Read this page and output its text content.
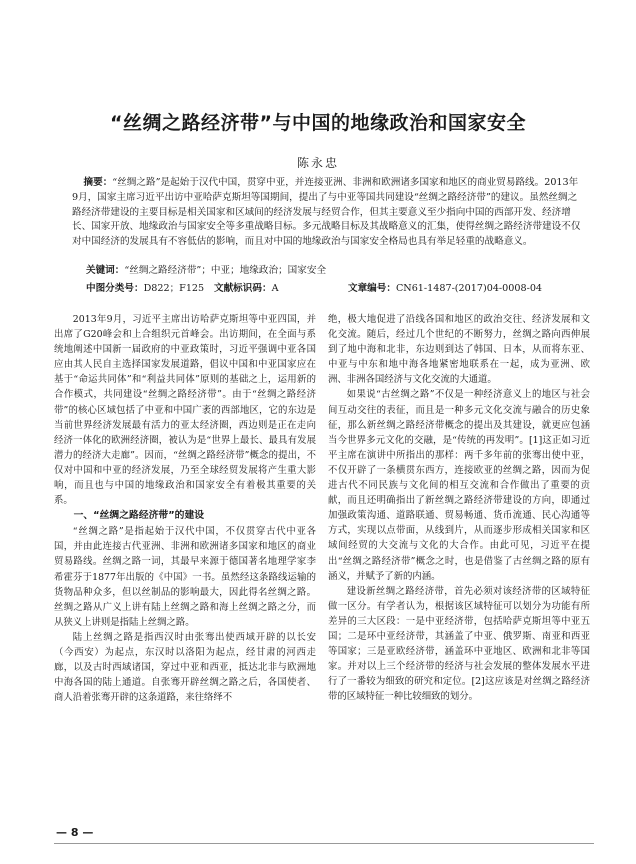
“丝绸之路经济带”与中国的地缘政治和国家安全
陈永忠

摘要：“丝绸之路”是起始于汉代中国，贯穿中亚，并连接亚洲、非洲和欧洲诸多国家和地区的商业贸易路线。2013年9月，国家主席习近平出访中亚哈萨克斯坦等国期间，提出了与中亚等国共同建设“丝绸之路经济带”的建议。虽然丝绸之路经济带建设的主要目标是相关国家和区域间的经济发展与经贸合作，但其主要意义至少指向中国的西部开发、经济增长、国家开放、地缘政治与国家安全等多重战略目标。多元战略目标及其战略意义的汇集，使得丝绸之路经济带建设不仅对中国经济的发展具有不容低估的影响，而且对中国的地缘政治与国家安全格局也具有举足轻重的战略意义。

关键词：“丝绸之路经济带”；中亚；地缘政治；国家安全
中图分类号：D822；F125 文献标识码：A	文章编号：CN61-1487-(2017)04-0008-04

2013年9月，习近平主席出访哈萨克斯坦等中亚四国，并出席了G20峰会和上合组织元首峰会。出访期间，在全面与系统地阐述中国新一届政府的中亚政策时，习近平强调中亚各国应由其人民自主选择国家发展道路，倡议中国和中亚国家应在基于“命运共同体”和“利益共同体”原则的基础之上，运用新的合作模式，共同建设“丝绸之路经济带”。由于“丝绸之路经济带”的核心区域包括了中亚和中国广袤的西部地区，它的东边是当前世界经济发展最有活力的亚太经济圈，西边则是正在走向经济一体化的欧洲经济圈，被认为是“世界上最长、最具有发展潜力的经济大走廊”。因而，“丝绸之路经济带”概念的提出，不仅对中国和中亚的经济发展，乃至全球经贸发展将产生重大影响，而且也与中国的地缘政治和国家安全有着极其重要的关系。

一、“丝绸之路经济带”的建设

“丝绸之路”是指起始于汉代中国，不仅贯穿古代中亚各国，并由此连接古代亚洲、非洲和欧洲诸多国家和地区的商业贸易路线。丝绸之路一词，其最早来源于德国著名地理学家李希霍芬于1877年出版的《中国》一书。虽然经这条路线运输的货物品种众多，但以丝制品的影响最大，因此得名丝绸之路。丝绸之路从广义上讲有陆上丝绸之路和海上丝绸之路之分，而从狭义上讲则是指陆上丝绸之路。

陆上丝绸之路是指西汉时由张骞出使西域开辟的以长安（今西安）为起点，东汉时以洛阳为起点，经甘肃的河西走廊，以及古时西域诸国，穿过中亚和西亚，抵达北非与欧洲地中海各国的陆上通道。自张骞开辟丝绸之路之后，各国使者、商人沿着张骞开辟的这条道路，来往络绎不

绝，极大地促进了沿线各国和地区的政治交往、经济发展和文化交流。随后，经过几个世纪的不断努力，丝绸之路向西伸展到了地中海和北非，东边则到达了韩国、日本，从而将东亚、中亚与中东和地中海各地紧密地联系在一起，成为亚洲、欧洲、非洲各国经济与文化交流的大通道。

如果说“古丝绸之路”不仅是一种经济意义上的地区与社会间互动交往的表征，而且是一种多元文化交流与融合的历史象征，那么新丝绸之路经济带概念的提出及其建设，就更应包涵当今世界多元文化的交融，是“传统的再发明”。[1]这正如习近平主席在演讲中所指出的那样：两千多年前的张骞出使中亚，不仅开辟了一条横贯东西方，连接欧亚的丝绸之路，因而为促进古代不同民族与文化间的相互交流和合作做出了重要的贡献，而且还明确指出了新丝绸之路经济带建设的方向，即通过加强政策沟通、道路联通、贸易畅通、货币流通、民心沟通等方式，实现以点带面，从线到片，从而逐步形成相关国家和区域间经贸的大交流与文化的大合作。由此可见，习近平在提出“丝绸之路经济带”概念之时，也是借鉴了古丝绸之路的原有涵义，并赋予了新的内涵。

建设新丝绸之路经济带，首先必须对该经济带的区域特征做一区分。有学者认为，根据该区域特征可以划分为功能有所差异的三大区段：一是中亚经济带，包括哈萨克斯坦等中亚五国；二是环中亚经济带，其涵盖了中亚、俄罗斯、南亚和西亚等国家；三是亚欧经济带，涵盖环中亚地区、欧洲和北非等国家。并对以上三个经济带的经济与社会发展的整体发展水平进行了一番较为细致的研究和定位。[2]这应该是对丝绸之路经济带的区域特征一种比较细致的划分。

— 8 —
